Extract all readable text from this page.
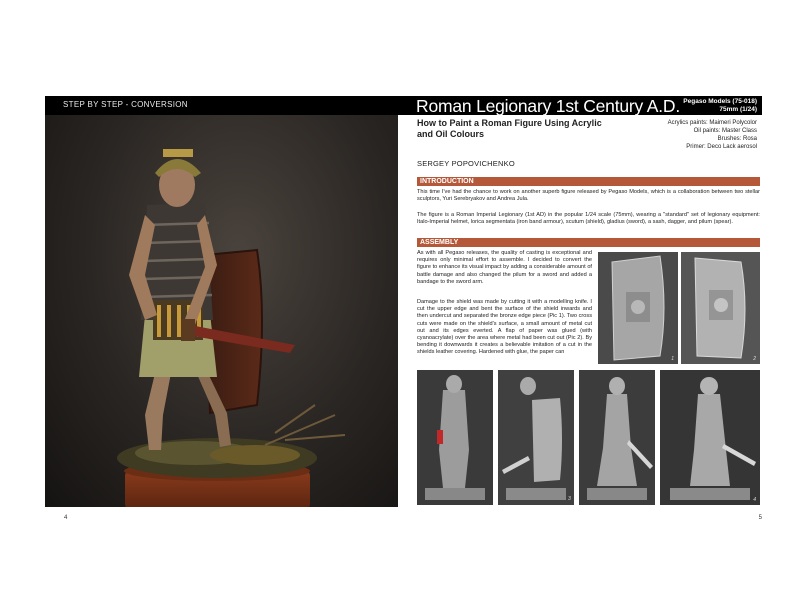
STEP BY STEP - CONVERSION
4
Roman Legionary 1st Century A.D. Pegaso Models (75-018)
75mm (1/24)
How to Paint a Roman Figure Using Acrylic and Oil Colours
Acrylics paints: Maimeri Polycolor
Oil paints: Master Class
Brushes: Rosa
Primer: Deco Lack aerosol
SERGEY POPOVICHENKO
INTRODUCTION
This time I've had the chance to work on another superb figure released by Pegaso Models, which is a collaboration between two stellar sculptors, Yuri Serebryakov and Andrea Jula.
The figure is a Roman Imperial Legionary (1st AD) in the popular 1/24 scale (75mm), wearing a "standard" set of legionary equipment: Italo-Imperial helmet, lorica segmentata (iron band armour), scutum (shield), gladius (sword), a sash, dagger, and pilum (spear).
ASSEMBLY
As with all Pegaso releases, the quality of casting is exceptional and requires only minimal effort to assemble. I decided to convert the figure to enhance its visual impact by adding a considerable amount of battle damage and also changed the pilum for a sword and added a bandage to the sword arm.
Damage to the shield was made by cutting it with a modelling knife. I cut the upper edge and bent the surface of the shield inwards and then undercut and separated the bronze edge piece (Pic 1). Two cross cuts were made on the shield's surface, a small amount of metal cut out and its edges everted. A flap of paper was glued (with cyanoacrylate) over the area where metal had been cut out (Pic 2). By bending it downwards it creates a believable imitation of a cut in the shields leather covering. Hardened with glue, the paper can
1	2
4
3
5
